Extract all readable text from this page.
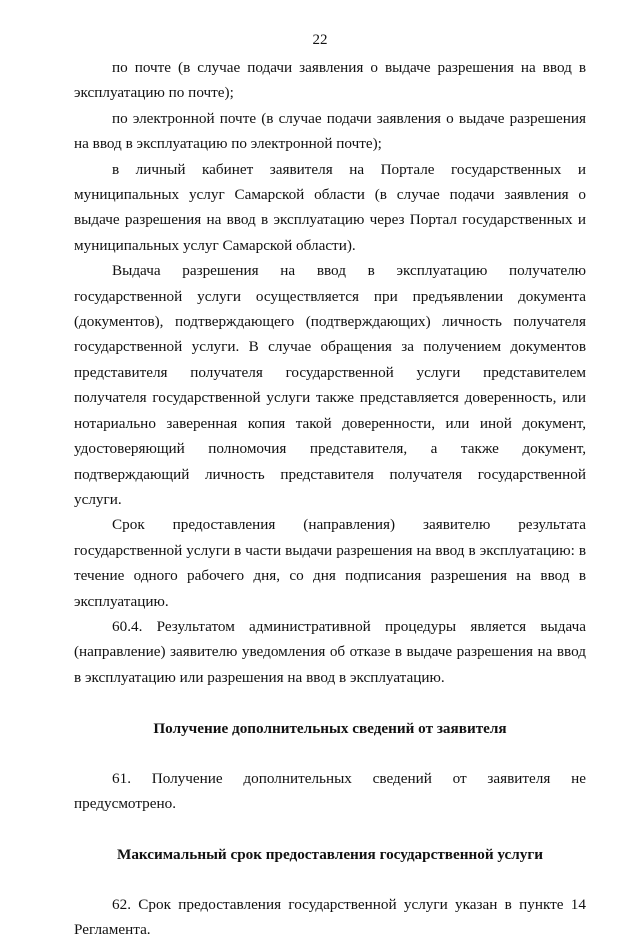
22

по почте (в случае подачи заявления о выдаче разрешения на ввод в эксплуатацию по почте);

по электронной почте (в случае подачи заявления о выдаче разрешения на ввод в эксплуатацию по электронной почте);

в личный кабинет заявителя на Портале государственных и муниципальных услуг Самарской области (в случае подачи заявления о выдаче разрешения на ввод в эксплуатацию через Портал государственных и муниципальных услуг Самарской области).

Выдача разрешения на ввод в эксплуатацию получателю государственной услуги осуществляется при предъявлении документа (документов), подтверждающего (подтверждающих) личность получателя государственной услуги. В случае обращения за получением документов представителя получателя государственной услуги представителем получателя государственной услуги также представляется доверенность, или нотариально заверенная копия такой доверенности, или иной документ, удостоверяющий полномочия представителя, а также документ, подтверждающий личность представителя получателя государственной услуги.

Срок предоставления (направления) заявителю результата государственной услуги в части выдачи разрешения на ввод в эксплуатацию: в течение одного рабочего дня, со дня подписания разрешения на ввод в эксплуатацию.

60.4. Результатом административной процедуры является выдача (направление) заявителю уведомления об отказе в выдаче разрешения на ввод в эксплуатацию или разрешения на ввод в эксплуатацию.

Получение дополнительных сведений от заявителя

61. Получение дополнительных сведений от заявителя не предусмотрено.

Максимальный срок предоставления государственной услуги

62. Срок предоставления государственной услуги указан в пункте 14 Регламента.
